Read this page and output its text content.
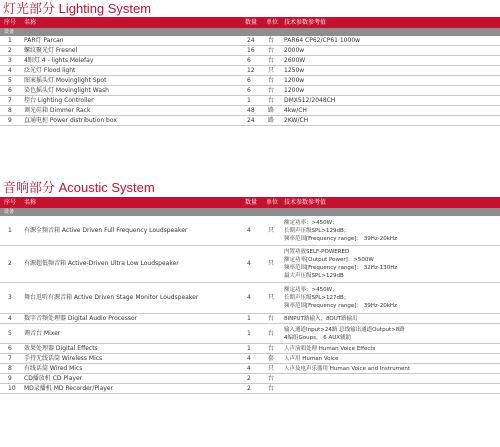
灯光部分 Lighting System
序号 名称	数量 单位 技术参数参考值
设备
1 PAR灯 Parcan	24 台 PAR64 CP62/CP61 1000w
2 螺纹聚光灯 Fresnel	16 台 2000w
3 4眼灯 4 - lights Molefay	6	台 2600W
4 泛光灯 Flood light	12 只 1250w
5 图案摇头灯 Movinglight Spot	6	台 1200w
6 染色摇头灯 Movinglight Wash	6	台 1200w
7 控台 Lighting Controller	1	台 DMX512/2048CH
8 调光硅箱 Dimmer Rack	48 路 4kw/CH
9 直通电柜 Power distribution box	24 路 2KW/CH
音响部分 Acoustic System
序号 名称	数量 单位 技术参数参考值
设备
1 有源全频音箱 Active Driven Full Frequency Loudspeaker	4	只
额定功率：>450W；
长期声压级SPL>129dB；
频率范围[Frequency range]： 39Hz-20kHz
2 有源超低频音箱 Active-Driven Ultra Low Loudspeaker	4	只
内置功放SELF-POWERED
额定功率[Output Power]：>500W
频率范围[Frequency range]： 32Hz-130Hz
最大声压级SPL>129dB
3 舞台返听有源音箱 Active Driven Stage Monitor Loudspeaker	4	只
额定功率：>450W；
长期声压级SPL>127dB；
频率范围[Frequency range]： 39Hz-20kHz
4 数字音频处理器 Digital Audio Processor	1	台 8INPUT路输入，8OUT路输出
5 调音台 Mixer	1	台
输入通道Input>24路 总线输出通道Output>8路
4编组Goups， 6 AUX辅助
6 效果处理器 Digital Effects	1	台 人声演唱处理 Human Voice Effects
7 手持无线话筒 Wireless Mics	4	套 人声用 Human Voice
8 有线话筒 Wired Mics	4	只 人声及电声乐器用 Human Voice and Instrument
9 CD播放机 CD Player	2	台
10 MD录播机 MD Recorder/Player	2	台
